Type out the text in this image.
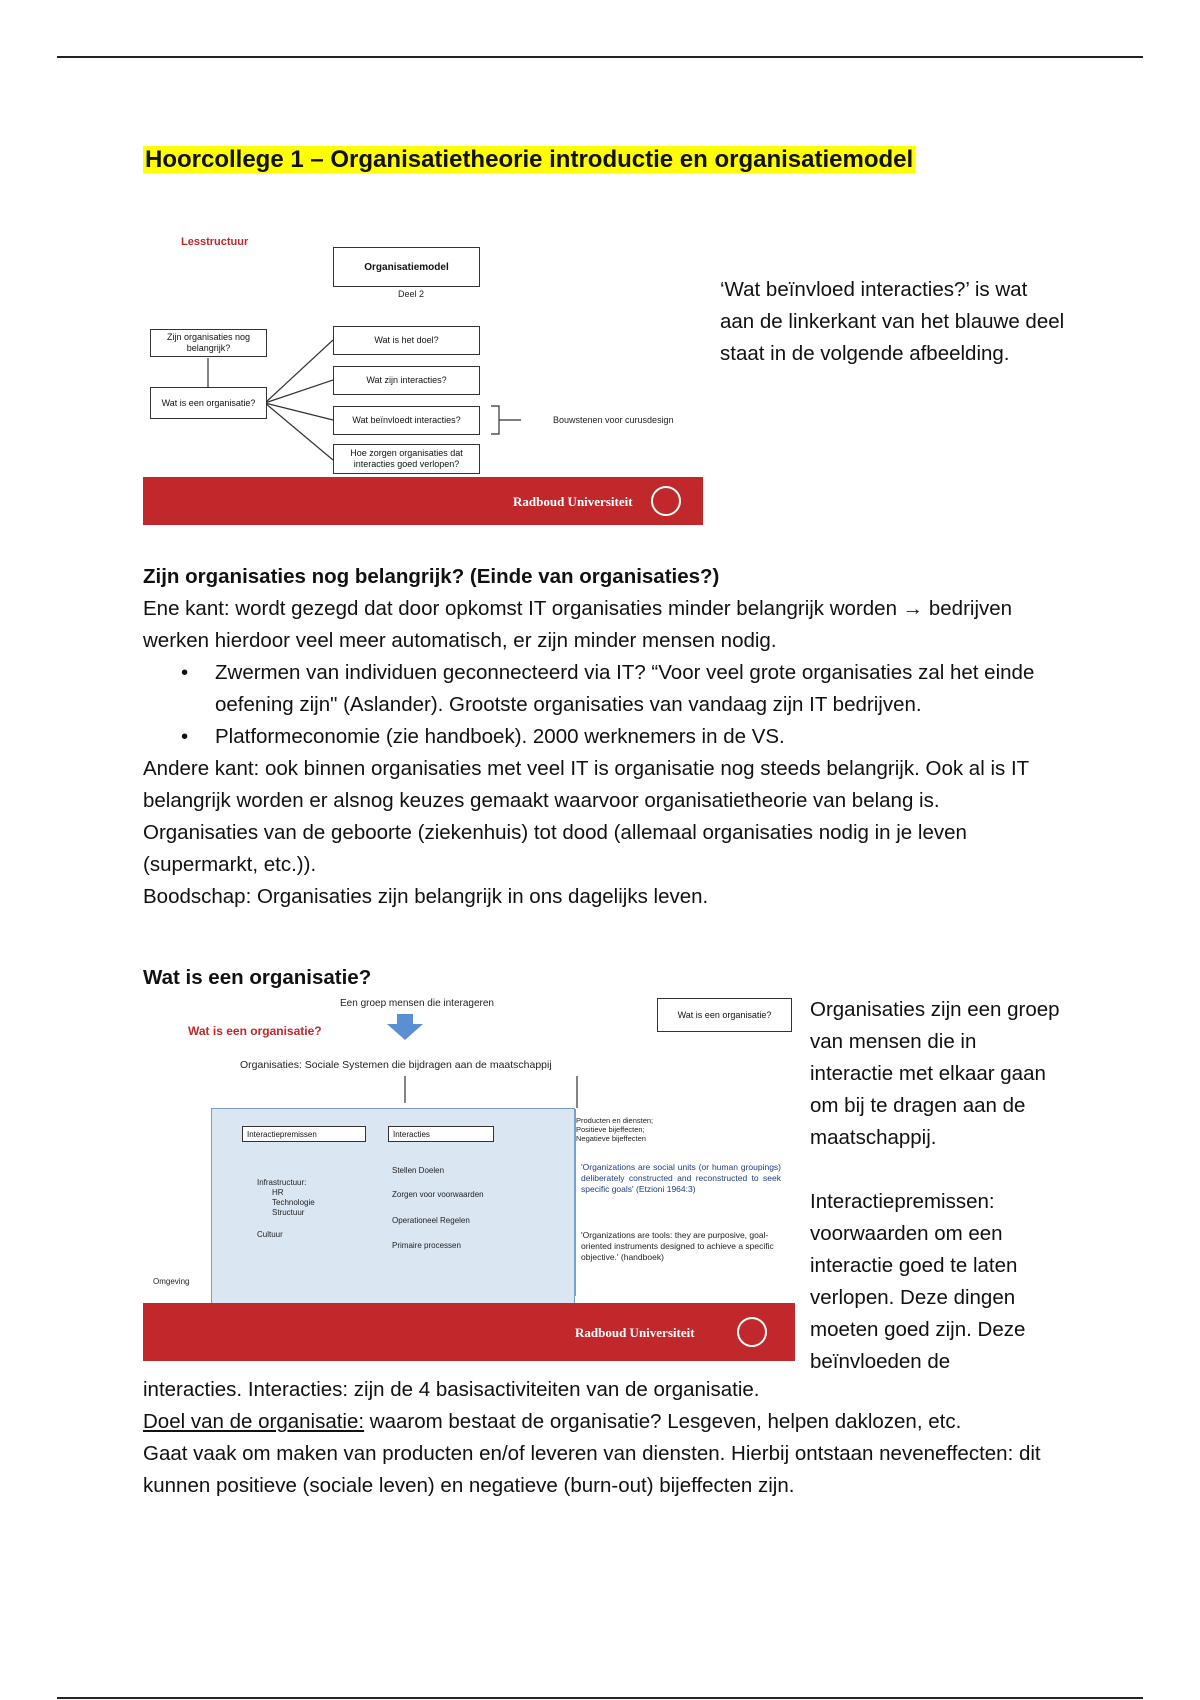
Hoorcollege 1 – Organisatietheorie introductie en organisatiemodel
Lesstructuur
Organisatiemodel
Deel 2
Zijn organisaties nog belangrijk?
Wat is een organisatie?
Wat is het doel?
Wat zijn interacties?
Wat beïnvloedt interacties?
Hoe zorgen organisaties dat interacties goed verlopen?
Bouwstenen voor curusdesign
Radboud Universiteit
‘Wat beïnvloed interacties?’ is wat aan de linkerkant van het blauwe deel staat in de volgende afbeelding.

Zijn organisaties nog belangrijk? (Einde van organisaties?)

Ene kant: wordt gezegd dat door opkomst IT organisaties minder belangrijk worden → bedrijven werken hierdoor veel meer automatisch, er zijn minder mensen nodig.

• Zwermen van individuen geconnecteerd via IT? “Voor veel grote organisaties zal het einde oefening zijn" (Aslander). Grootste organisaties van vandaag zijn IT bedrijven.
• Platformeconomie (zie handboek). 2000 werknemers in de VS.

Andere kant: ook binnen organisaties met veel IT is organisatie nog steeds belangrijk. Ook al is IT belangrijk worden er alsnog keuzes gemaakt waarvoor organisatietheorie van belang is. Organisaties van de geboorte (ziekenhuis) tot dood (allemaal organisaties nodig in je leven (supermarkt, etc.)).

Boodschap: Organisaties zijn belangrijk in ons dagelijks leven.

Wat is een organisatie?
Wat is een organisatie?
Een groep mensen die interageren
Wat is een organisatie?
Organisaties: Sociale Systemen die bijdragen aan de maatschappij
Interactiepremissen	Interacties
Infrastructuur:
HR
Technologie
Structuur
Cultuur
Stellen Doelen
Zorgen voor voorwaarden
Operationeel Regelen
Primaire processen
Producten en diensten;
Positieve bijeffecten;
Negatieve bijeffecten
'Organizations are social units (or human groupings) deliberately constructed and reconstructed to seek specific goals' (Etzioni 1964:3)
'Organizations are tools: they are purposive, goal-oriented instruments designed to achieve a specific objective.' (handboek)
Omgeving
Radboud Universiteit

Organisaties zijn een groep van mensen die in interactie met elkaar gaan om bij te dragen aan de maatschappij.

Interactiepremissen: voorwaarden om een interactie goed te laten verlopen. Deze dingen moeten goed zijn. Deze beïnvloeden de

interacties. Interacties: zijn de 4 basisactiviteiten van de organisatie.

Doel van de organisatie: waarom bestaat de organisatie? Lesgeven, helpen daklozen, etc.

Gaat vaak om maken van producten en/of leveren van diensten. Hierbij ontstaan neveneffecten: dit kunnen positieve (sociale leven) en negatieve (burn-out) bijeffecten zijn.
